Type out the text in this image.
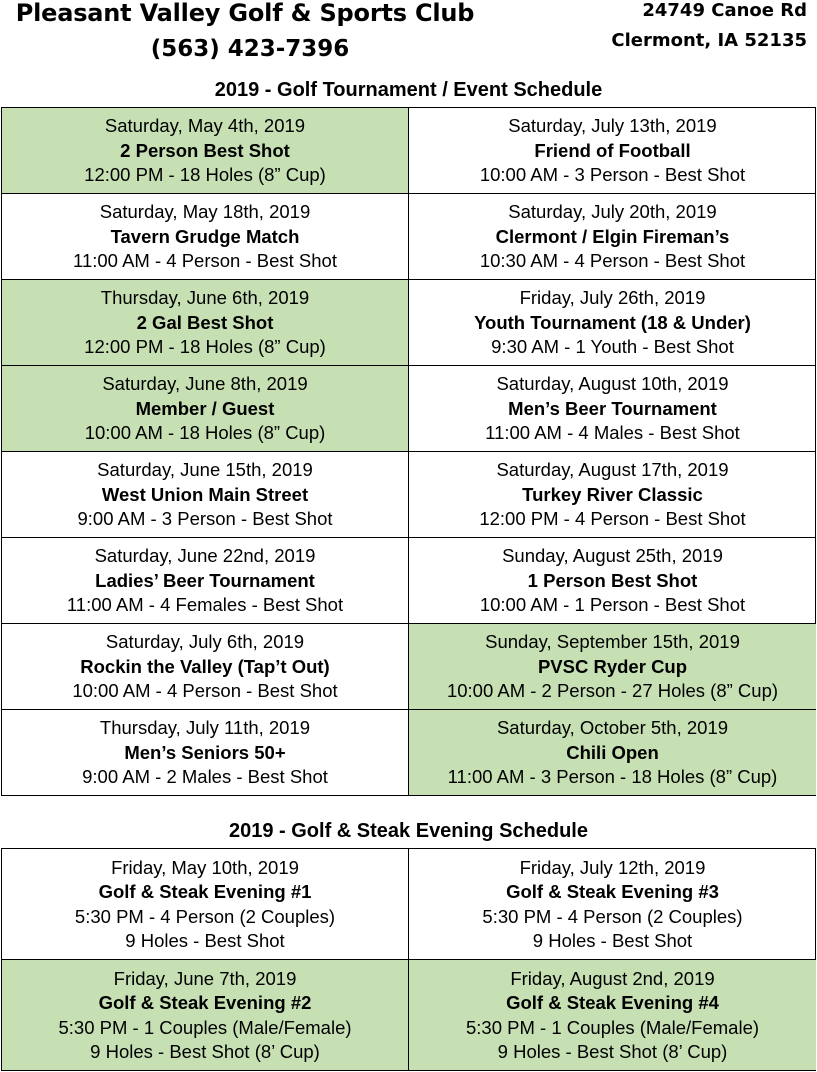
Pleasant Valley Golf & Sports Club
(563) 423-7396
24749 Canoe Rd
Clermont, IA 52135
2019 - Golf Tournament / Event Schedule
Saturday, May 4th, 2019
2 Person Best Shot
12:00 PM - 18 Holes (8” Cup)
Saturday, July 13th, 2019
Friend of Football
10:00 AM - 3 Person - Best Shot
Saturday, May 18th, 2019
Tavern Grudge Match
11:00 AM - 4 Person - Best Shot
Saturday, July 20th, 2019
Clermont / Elgin Fireman’s
10:30 AM - 4 Person - Best Shot
Thursday, June 6th, 2019
2 Gal Best Shot
12:00 PM - 18 Holes (8” Cup)
Friday, July 26th, 2019
Youth Tournament (18 & Under)
9:30 AM - 1 Youth - Best Shot
Saturday, June 8th, 2019
Member / Guest
10:00 AM - 18 Holes (8” Cup)
Saturday, August 10th, 2019
Men’s Beer Tournament
11:00 AM - 4 Males - Best Shot
Saturday, June 15th, 2019
West Union Main Street
9:00 AM - 3 Person - Best Shot
Saturday, August 17th, 2019
Turkey River Classic
12:00 PM - 4 Person - Best Shot
Saturday, June 22nd, 2019
Ladies’ Beer Tournament
11:00 AM - 4 Females - Best Shot
Sunday, August 25th, 2019
1 Person Best Shot
10:00 AM - 1 Person - Best Shot
Saturday, July 6th, 2019
Rockin the Valley (Tap’t Out)
10:00 AM - 4 Person - Best Shot
Sunday, September 15th, 2019
PVSC Ryder Cup
10:00 AM - 2 Person - 27 Holes (8” Cup)
Thursday, July 11th, 2019
Men’s Seniors 50+
9:00 AM - 2 Males - Best Shot
Saturday, October 5th, 2019
Chili Open
11:00 AM - 3 Person - 18 Holes (8” Cup)
2019 - Golf & Steak Evening Schedule
Friday, May 10th, 2019
Golf & Steak Evening #1
5:30 PM - 4 Person (2 Couples)
9 Holes - Best Shot
Friday, July 12th, 2019
Golf & Steak Evening #3
5:30 PM - 4 Person (2 Couples)
9 Holes - Best Shot
Friday, June 7th, 2019
Golf & Steak Evening #2
5:30 PM - 1 Couples (Male/Female)
9 Holes - Best Shot (8’ Cup)
Friday, August 2nd, 2019
Golf & Steak Evening #4
5:30 PM - 1 Couples (Male/Female)
9 Holes - Best Shot (8’ Cup)
